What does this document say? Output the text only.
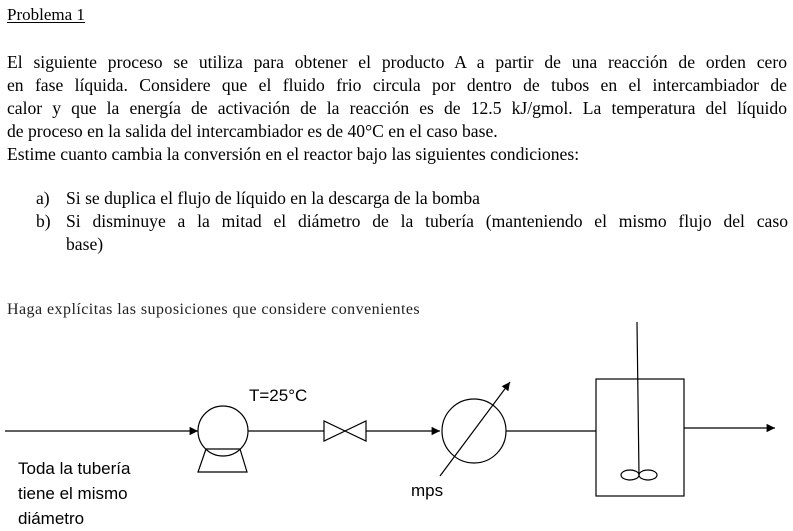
Problema 1

El siguiente proceso se utiliza para obtener el producto A a partir de una reacción de orden cero

en fase líquida. Considere que el fluido frio circula por dentro de tubos en el intercambiador de

calor y que la energía de activación de la reacción es de 12.5 kJ/gmol. La temperatura del líquido

de proceso en la salida del intercambiador es de 40°C en el caso base.

Estime cuanto cambia la conversión en el reactor bajo las siguientes condiciones:
a) Si se duplica el flujo de líquido en la descarga de la bomba
b) Si disminuye a la mitad el diámetro de la tubería (manteniendo el mismo flujo del caso
base)
Haga explícitas las suposiciones que considere convenientes
T=25°C
Toda la tubería
tiene el mismo
diámetro
mps
